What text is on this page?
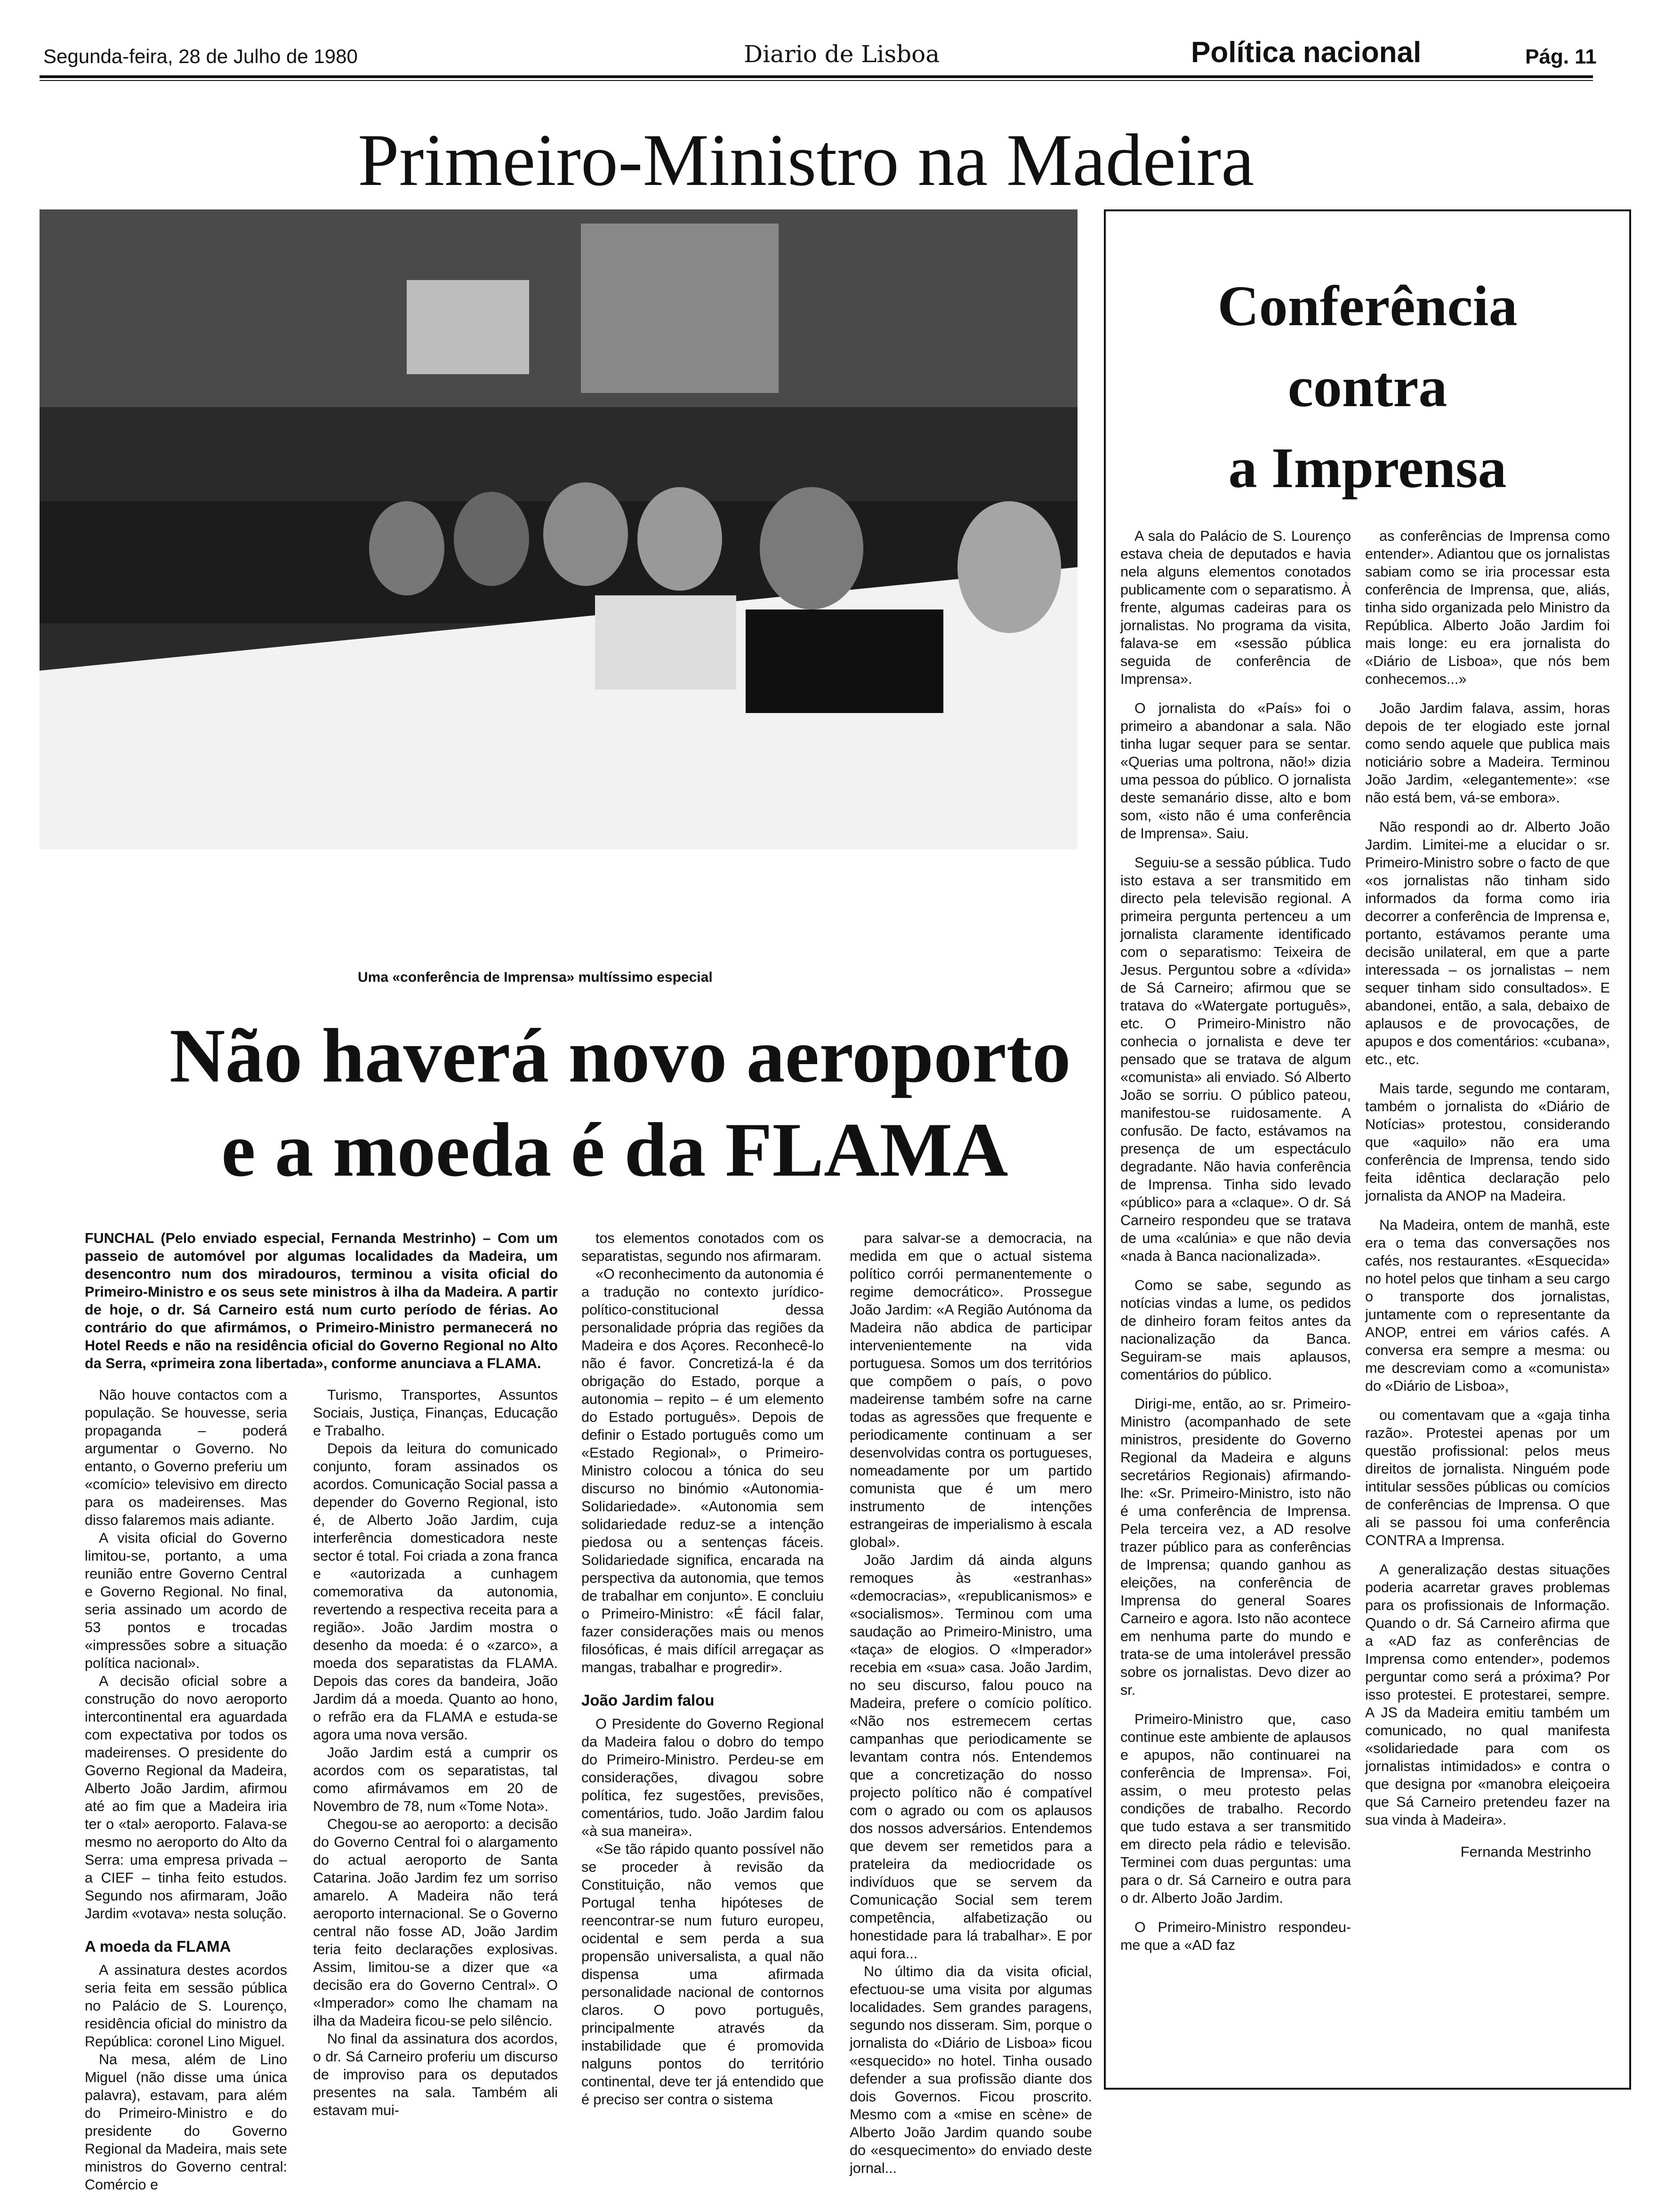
Segunda-feira, 28 de Julho de 1980	Diario de Lisboa	Política nacional	Pág. 11
Primeiro-Ministro na Madeira
Uma «conferência de Imprensa» multíssimo especial
Não haverá novo aeroporto
e a moeda é da FLAMA
FUNCHAL (Pelo enviado especial, Fernanda Mestrinho) – Com um passeio de automóvel por algumas localidades da Madeira, um desencontro num dos miradouros, terminou a visita oficial do Primeiro-Ministro e os seus sete ministros à ilha da Madeira. A partir de hoje, o dr. Sá Carneiro está num curto período de férias. Ao contrário do que afirmámos, o Primeiro-Ministro permanecerá no Hotel Reeds e não na residência oficial do Governo Regional no Alto da Serra, «primeira zona libertada», conforme anunciava a FLAMA.

Não houve contactos com a população. Se houvesse, seria propaganda – poderá argumentar o Governo. No entanto, o Governo preferiu um «comício» televisivo em directo para os madeirenses. Mas disso falaremos mais adiante.

A visita oficial do Governo limitou-se, portanto, a uma reunião entre Governo Central e Governo Regional. No final, seria assinado um acordo de 53 pontos e trocadas «impressões sobre a situação política nacional».

A decisão oficial sobre a construção do novo aeroporto intercontinental era aguardada com expectativa por todos os madeirenses. O presidente do Governo Regional da Madeira, Alberto João Jardim, afirmou até ao fim que a Madeira iria ter o «tal» aeroporto. Falava-se mesmo no aeroporto do Alto da Serra: uma empresa privada – a CIEF – tinha feito estudos. Segundo nos afirmaram, João Jardim «votava» nesta solução.

A moeda da FLAMA

A assinatura destes acordos seria feita em sessão pública no Palácio de S. Lourenço, residência oficial do ministro da República: coronel Lino Miguel.

Na mesa, além de Lino Miguel (não disse uma única palavra), estavam, para além do Primeiro-Ministro e do presidente do Governo Regional da Madeira, mais sete ministros do Governo central: Comércio e

Turismo, Transportes, Assuntos Sociais, Justiça, Finanças, Educação e Trabalho.

Depois da leitura do comunicado conjunto, foram assinados os acordos. Comunicação Social passa a depender do Governo Regional, isto é, de Alberto João Jardim, cuja interferência domesticadora neste sector é total. Foi criada a zona franca e «autorizada a cunhagem comemorativa da autonomia, revertendo a respectiva receita para a região». João Jardim mostra o desenho da moeda: é o «zarco», a moeda dos separatistas da FLAMA. Depois das cores da bandeira, João Jardim dá a moeda. Quanto ao hono, o refrão era da FLAMA e estuda-se agora uma nova versão.

João Jardim está a cumprir os acordos com os separatistas, tal como afirmávamos em 20 de Novembro de 78, num «Tome Nota».

Chegou-se ao aeroporto: a decisão do Governo Central foi o alargamento do actual aeroporto de Santa Catarina. João Jardim fez um sorriso amarelo. A Madeira não terá aeroporto internacional. Se o Governo central não fosse AD, João Jardim teria feito declarações explosivas. Assim, limitou-se a dizer que «a decisão era do Governo Central». O «Imperador» como lhe chamam na ilha da Madeira ficou-se pelo silêncio.

No final da assinatura dos acordos, o dr. Sá Carneiro proferiu um discurso de improviso para os deputados presentes na sala. Também ali estavam mui-

tos elementos conotados com os separatistas, segundo nos afirmaram.

«O reconhecimento da autonomia é a tradução no contexto jurídico-político-constitucional dessa personalidade própria das regiões da Madeira e dos Açores. Reconhecê-lo não é favor. Concretizá-la é da obrigação do Estado, porque a autonomia – repito – é um elemento do Estado português». Depois de definir o Estado português como um «Estado Regional», o Primeiro-Ministro colocou a tónica do seu discurso no binómio «Autonomia-Solidariedade». «Autonomia sem solidariedade reduz-se a intenção piedosa ou a sentenças fáceis. Solidariedade significa, encarada na perspectiva da autonomia, que temos de trabalhar em conjunto». E concluiu o Primeiro-Ministro: «É fácil falar, fazer considerações mais ou menos filosóficas, é mais difícil arregaçar as mangas, trabalhar e progredir».

João Jardim falou

O Presidente do Governo Regional da Madeira falou o dobro do tempo do Primeiro-Ministro. Perdeu-se em considerações, divagou sobre política, fez sugestões, previsões, comentários, tudo. João Jardim falou «à sua maneira».

«Se tão rápido quanto possível não se proceder à revisão da Constituição, não vemos que Portugal tenha hipóteses de reencontrar-se num futuro europeu, ocidental e sem perda a sua propensão universalista, a qual não dispensa uma afirmada personalidade nacional de contornos claros. O povo português, principalmente através da instabilidade que é promovida nalguns pontos do território continental, deve ter já entendido que é preciso ser contra o sistema

para salvar-se a democracia, na medida em que o actual sistema político corrói permanentemente o regime democrático». Prossegue João Jardim: «A Região Autónoma da Madeira não abdica de participar intervenientemente na vida portuguesa. Somos um dos territórios que compõem o país, o povo madeirense também sofre na carne todas as agressões que frequente e periodicamente continuam a ser desenvolvidas contra os portugueses, nomeadamente por um partido comunista que é um mero instrumento de intenções estrangeiras de imperialismo à escala global».

João Jardim dá ainda alguns remoques às «estranhas» «democracias», «republicanismos» e «socialismos». Terminou com uma saudação ao Primeiro-Ministro, uma «taça» de elogios. O «Imperador» recebia em «sua» casa. João Jardim, no seu discurso, falou pouco na Madeira, prefere o comício político. «Não nos estremecem certas campanhas que periodicamente se levantam contra nós. Entendemos que a concretização do nosso projecto político não é compatível com o agrado ou com os aplausos dos nossos adversários. Entendemos que devem ser remetidos para a prateleira da mediocridade os indivíduos que se servem da Comunicação Social sem terem competência, alfabetização ou honestidade para lá trabalhar». E por aqui fora...

No último dia da visita oficial, efectuou-se uma visita por algumas localidades. Sem grandes paragens, segundo nos disseram. Sim, porque o jornalista do «Diário de Lisboa» ficou «esquecido» no hotel. Tinha ousado defender a sua profissão diante dos dois Governos. Ficou proscrito. Mesmo com a «mise en scène» de Alberto João Jardim quando soube do «esquecimento» do enviado deste jornal...

Conferência
contra
a Imprensa

A sala do Palácio de S. Lourenço estava cheia de deputados e havia nela alguns elementos conotados publicamente com o separatismo. À frente, algumas cadeiras para os jornalistas. No programa da visita, falava-se em «sessão pública seguida de conferência de Imprensa».

O jornalista do «País» foi o primeiro a abandonar a sala. Não tinha lugar sequer para se sentar. «Querias uma poltrona, não!» dizia uma pessoa do público. O jornalista deste semanário disse, alto e bom som, «isto não é uma conferência de Imprensa». Saiu.

Seguiu-se a sessão pública. Tudo isto estava a ser transmitido em directo pela televisão regional. A primeira pergunta pertenceu a um jornalista claramente identificado com o separatismo: Teixeira de Jesus. Perguntou sobre a «dívida» de Sá Carneiro; afirmou que se tratava do «Watergate português», etc. O Primeiro-Ministro não conhecia o jornalista e deve ter pensado que se tratava de algum «comunista» ali enviado. Só Alberto João se sorriu. O público pateou, manifestou-se ruidosamente. A confusão. De facto, estávamos na presença de um espectáculo degradante. Não havia conferência de Imprensa. Tinha sido levado «público» para a «claque». O dr. Sá Carneiro respondeu que se tratava de uma «calúnia» e que não devia «nada à Banca nacionalizada».

Como se sabe, segundo as notícias vindas a lume, os pedidos de dinheiro foram feitos antes da nacionalização da Banca. Seguiram-se mais aplausos, comentários do público.

Dirigi-me, então, ao sr. Primeiro-Ministro (acompanhado de sete ministros, presidente do Governo Regional da Madeira e alguns secretários Regionais) afirmando-lhe: «Sr. Primeiro-Ministro, isto não é uma conferência de Imprensa. Pela terceira vez, a AD resolve trazer público para as conferências de Imprensa; quando ganhou as eleições, na conferência de Imprensa do general Soares Carneiro e agora. Isto não acontece em nenhuma parte do mundo e trata-se de uma intolerável pressão sobre os jornalistas. Devo dizer ao sr.

Primeiro-Ministro que, caso continue este ambiente de aplausos e apupos, não continuarei na conferência de Imprensa». Foi, assim, o meu protesto pelas condições de trabalho. Recordo que tudo estava a ser transmitido em directo pela rádio e televisão. Terminei com duas perguntas: uma para o dr. Sá Carneiro e outra para o dr. Alberto João Jardim.

O Primeiro-Ministro respondeu-me que a «AD faz

as conferências de Imprensa como entender». Adiantou que os jornalistas sabiam como se iria processar esta conferência de Imprensa, que, aliás, tinha sido organizada pelo Ministro da República. Alberto João Jardim foi mais longe: eu era jornalista do «Diário de Lisboa», que nós bem conhecemos...»

João Jardim falava, assim, horas depois de ter elogiado este jornal como sendo aquele que publica mais noticiário sobre a Madeira. Terminou João Jardim, «elegantemente»: «se não está bem, vá-se embora».

Não respondi ao dr. Alberto João Jardim. Limitei-me a elucidar o sr. Primeiro-Ministro sobre o facto de que «os jornalistas não tinham sido informados da forma como iria decorrer a conferência de Imprensa e, portanto, estávamos perante uma decisão unilateral, em que a parte interessada – os jornalistas – nem sequer tinham sido consultados». E abandonei, então, a sala, debaixo de aplausos e de provocações, de apupos e dos comentários: «cubana», etc., etc.

Mais tarde, segundo me contaram, também o jornalista do «Diário de Notícias» protestou, considerando que «aquilo» não era uma conferência de Imprensa, tendo sido feita idêntica declaração pelo jornalista da ANOP na Madeira.

Na Madeira, ontem de manhã, este era o tema das conversações nos cafés, nos restaurantes. «Esquecida» no hotel pelos que tinham a seu cargo o transporte dos jornalistas, juntamente com o representante da ANOP, entrei em vários cafés. A conversa era sempre a mesma: ou me descreviam como a «comunista» do «Diário de Lisboa»,

ou comentavam que a «gaja tinha razão». Protestei apenas por um questão profissional: pelos meus direitos de jornalista. Ninguém pode intitular sessões públicas ou comícios de conferências de Imprensa. O que ali se passou foi uma conferência CONTRA a Imprensa.

A generalização destas situações poderia acarretar graves problemas para os profissionais de Informação. Quando o dr. Sá Carneiro afirma que a «AD faz as conferências de Imprensa como entender», podemos perguntar como será a próxima? Por isso protestei. E protestarei, sempre. A JS da Madeira emitiu também um comunicado, no qual manifesta «solidariedade para com os jornalistas intimidados» e contra o que designa por «manobra eleiçoeira que Sá Carneiro pretendeu fazer na sua vinda à Madeira».

Fernanda Mestrinho
